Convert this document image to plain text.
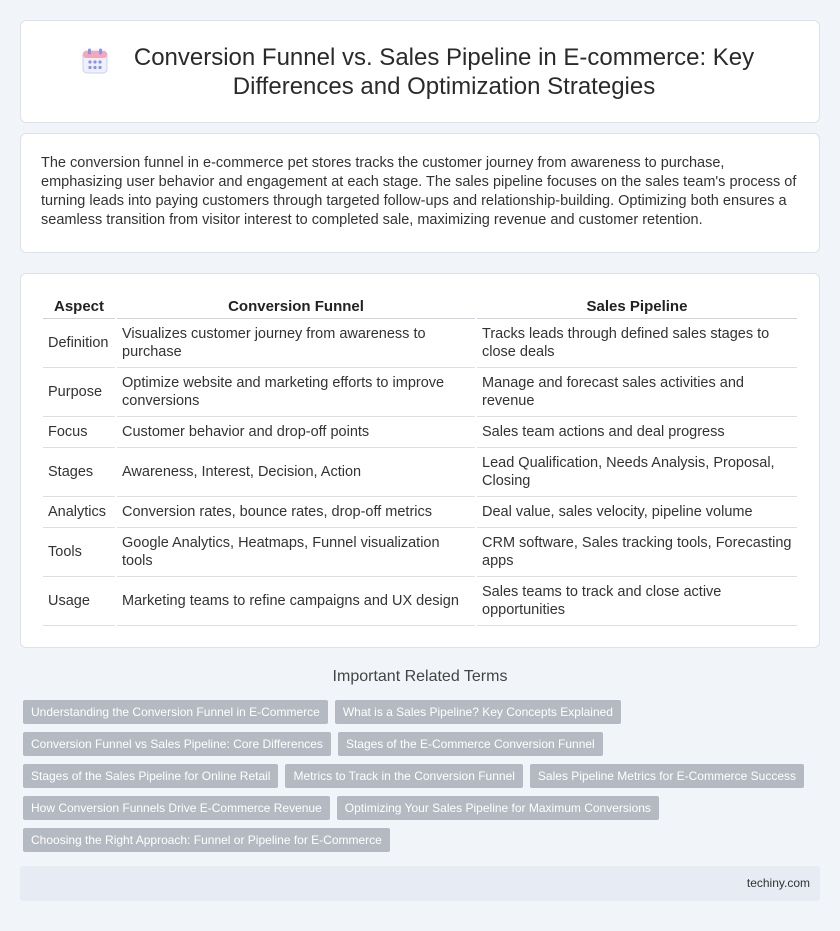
Conversion Funnel vs. Sales Pipeline in E-commerce: Key Differences and Optimization Strategies

The conversion funnel in e-commerce pet stores tracks the customer journey from awareness to purchase, emphasizing user behavior and engagement at each stage. The sales pipeline focuses on the sales team's process of turning leads into paying customers through targeted follow-ups and relationship-building. Optimizing both ensures a seamless transition from visitor interest to completed sale, maximizing revenue and customer retention.

Aspect	Conversion Funnel	Sales Pipeline
Definition	Visualizes customer journey from awareness to purchase	Tracks leads through defined sales stages to close deals
Purpose	Optimize website and marketing efforts to improve conversions	Manage and forecast sales activities and revenue
Focus	Customer behavior and drop-off points	Sales team actions and deal progress
Stages	Awareness, Interest, Decision, Action	Lead Qualification, Needs Analysis, Proposal, Closing
Analytics	Conversion rates, bounce rates, drop-off metrics	Deal value, sales velocity, pipeline volume
Tools	Google Analytics, Heatmaps, Funnel visualization tools	CRM software, Sales tracking tools, Forecasting apps
Usage	Marketing teams to refine campaigns and UX design	Sales teams to track and close active opportunities
Important Related Terms
Understanding the Conversion Funnel in E-Commerce	What is a Sales Pipeline? Key Concepts Explained
Conversion Funnel vs Sales Pipeline: Core Differences	Stages of the E-Commerce Conversion Funnel
Stages of the Sales Pipeline for Online Retail	Metrics to Track in the Conversion Funnel	Sales Pipeline Metrics for E-Commerce Success
How Conversion Funnels Drive E-Commerce Revenue	Optimizing Your Sales Pipeline for Maximum Conversions
Choosing the Right Approach: Funnel or Pipeline for E-Commerce
techiny.com
